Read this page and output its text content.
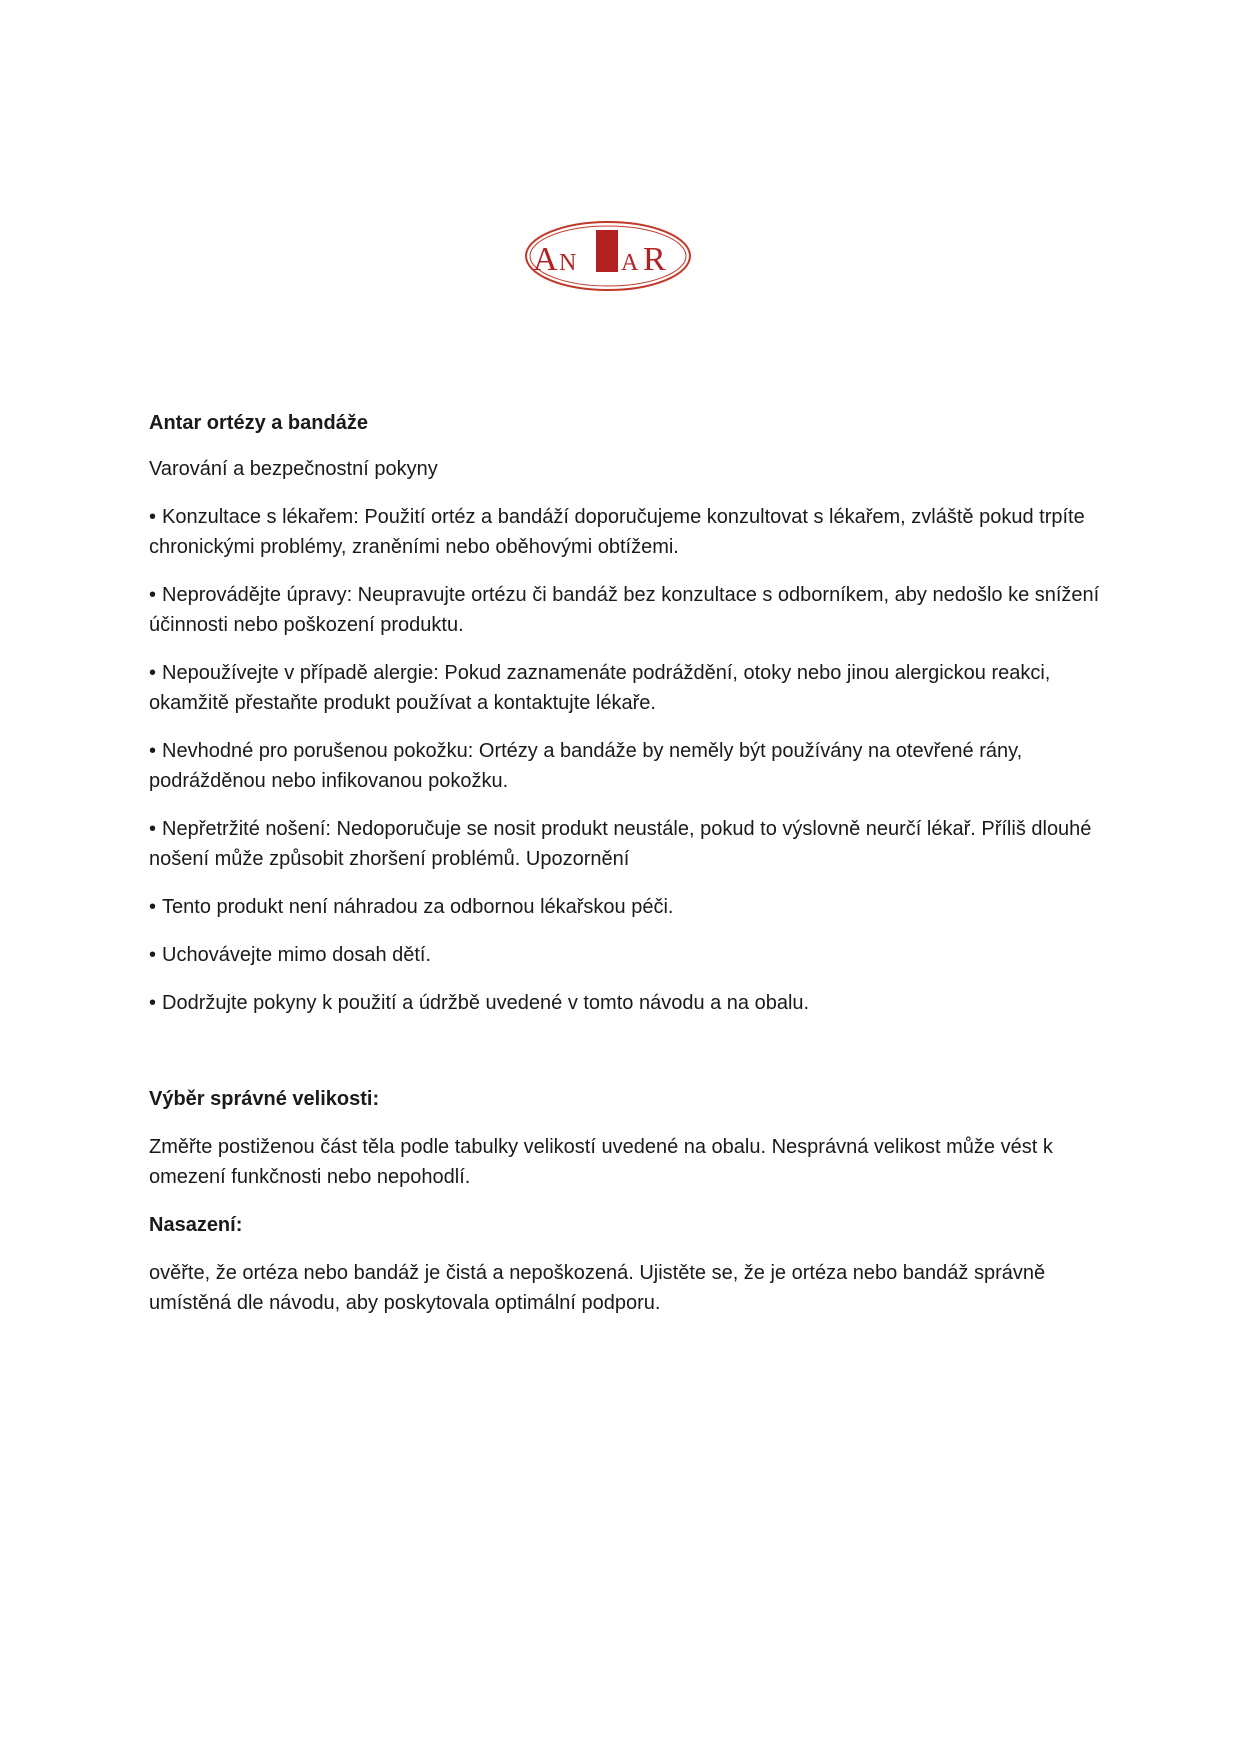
A N A R

Antar ortézy a bandáže

Varování a bezpečnostní pokyny

• Konzultace s lékařem: Použití ortéz a bandáží doporučujeme konzultovat s lékařem, zvláště pokud trpíte chronickými problémy, zraněními nebo oběhovými obtížemi.
• Neprovádějte úpravy: Neupravujte ortézu či bandáž bez konzultace s odborníkem, aby nedošlo ke snížení účinnosti nebo poškození produktu.
• Nepoužívejte v případě alergie: Pokud zaznamenáte podráždění, otoky nebo jinou alergickou reakci, okamžitě přestaňte produkt používat a kontaktujte lékaře.
• Nevhodné pro porušenou pokožku: Ortézy a bandáže by neměly být používány na otevřené rány, podrážděnou nebo infikovanou pokožku.
• Nepřetržité nošení: Nedoporučuje se nosit produkt neustále, pokud to výslovně neurčí lékař. Příliš dlouhé nošení může způsobit zhoršení problémů. Upozornění
• Tento produkt není náhradou za odbornou lékařskou péči.
• Uchovávejte mimo dosah dětí.
• Dodržujte pokyny k použití a údržbě uvedené v tomto návodu a na obalu.

Výběr správné velikosti:

Změřte postiženou část těla podle tabulky velikostí uvedené na obalu. Nesprávná velikost může vést k omezení funkčnosti nebo nepohodlí.

Nasazení:

ověřte, že ortéza nebo bandáž je čistá a nepoškozená. Ujistěte se, že je ortéza nebo bandáž správně umístěná dle návodu, aby poskytovala optimální podporu.
